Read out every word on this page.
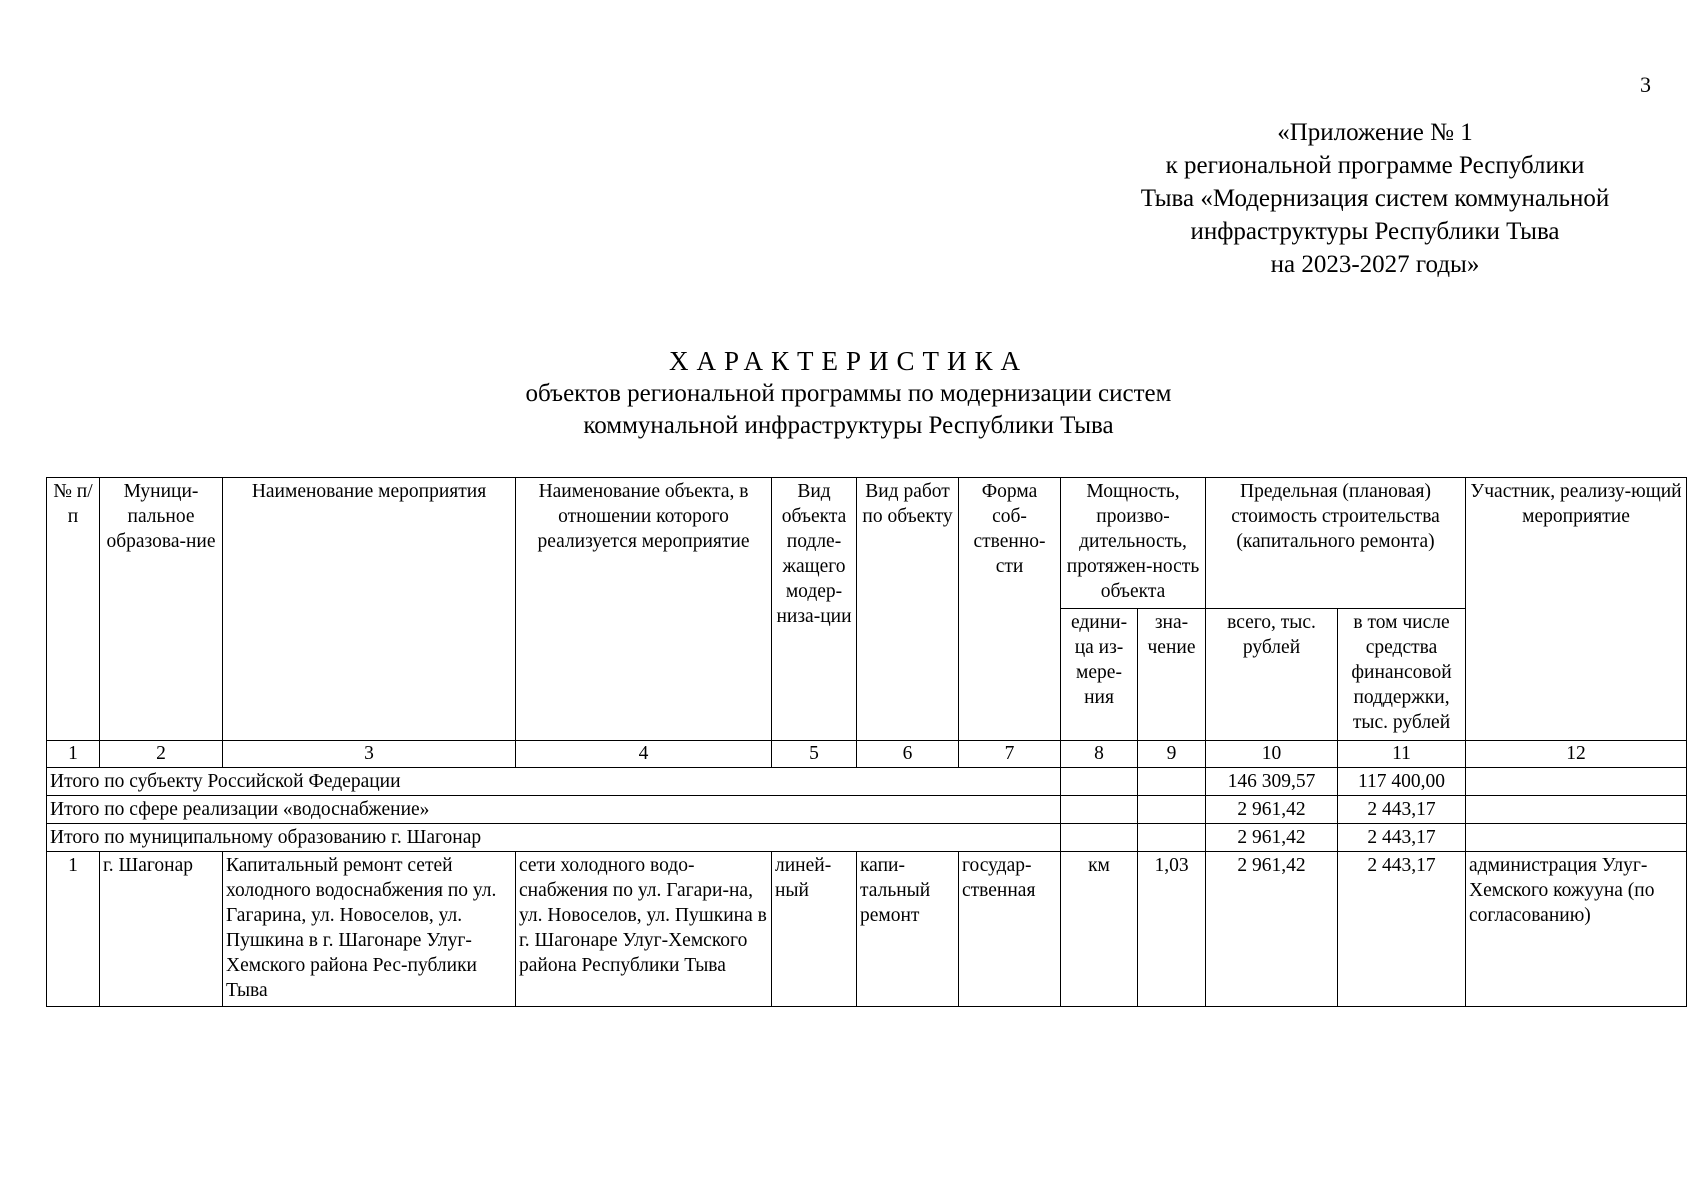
3
«Приложение № 1
к региональной программе Республики
Тыва «Модернизация систем коммунальной
инфраструктуры Республики Тыва
на 2023-2027 годы»
ХАРАКТЕРИСТИКА
объектов региональной программы по модернизации систем
коммунальной инфраструктуры Республики Тыва
№ п/п	Муници-пальное образова-ние	Наименование мероприятия	Наименование объекта, в отношении которого реализуется мероприятие	Вид объекта подле-жащего модер-низа-ции	Вид работ по объекту	Форма соб-ственно-сти	Мощность, произво-дительность, протяжен-ность объекта		Предельная (плановая) стоимость строительства (капитального ремонта)		Участник, реализу-ющий мероприятие
							едини-ца из-мере-ния	зна-чение	всего, тыс. рублей	в том числе средства финансовой поддержки, тыс. рублей	
1	2	3	4	5	6	7	8	9	10	11	12
Итого по субъекту Российской Федерации									146 309,57	117 400,00	
Итого по сфере реализации «водоснабжение»									2 961,42	2 443,17	
Итого по муниципальному образованию г. Шагонар									2 961,42	2 443,17	
1	г. Шагонар	Капитальный ремонт сетей холодного водоснабжения по ул. Гагарина, ул. Новоселов, ул. Пушкина в г. Шагонаре Улуг-Хемского района Рес-публики Тыва	сети холодного водо-снабжения по ул. Гагари-на, ул. Новоселов, ул. Пушкина в г. Шагонаре Улуг-Хемского района Республики Тыва	линей-ный	капи-тальный ремонт	государ-ственная	км	1,03	2 961,42	2 443,17	администрация Улуг-Хемского кожууна (по согласованию)
